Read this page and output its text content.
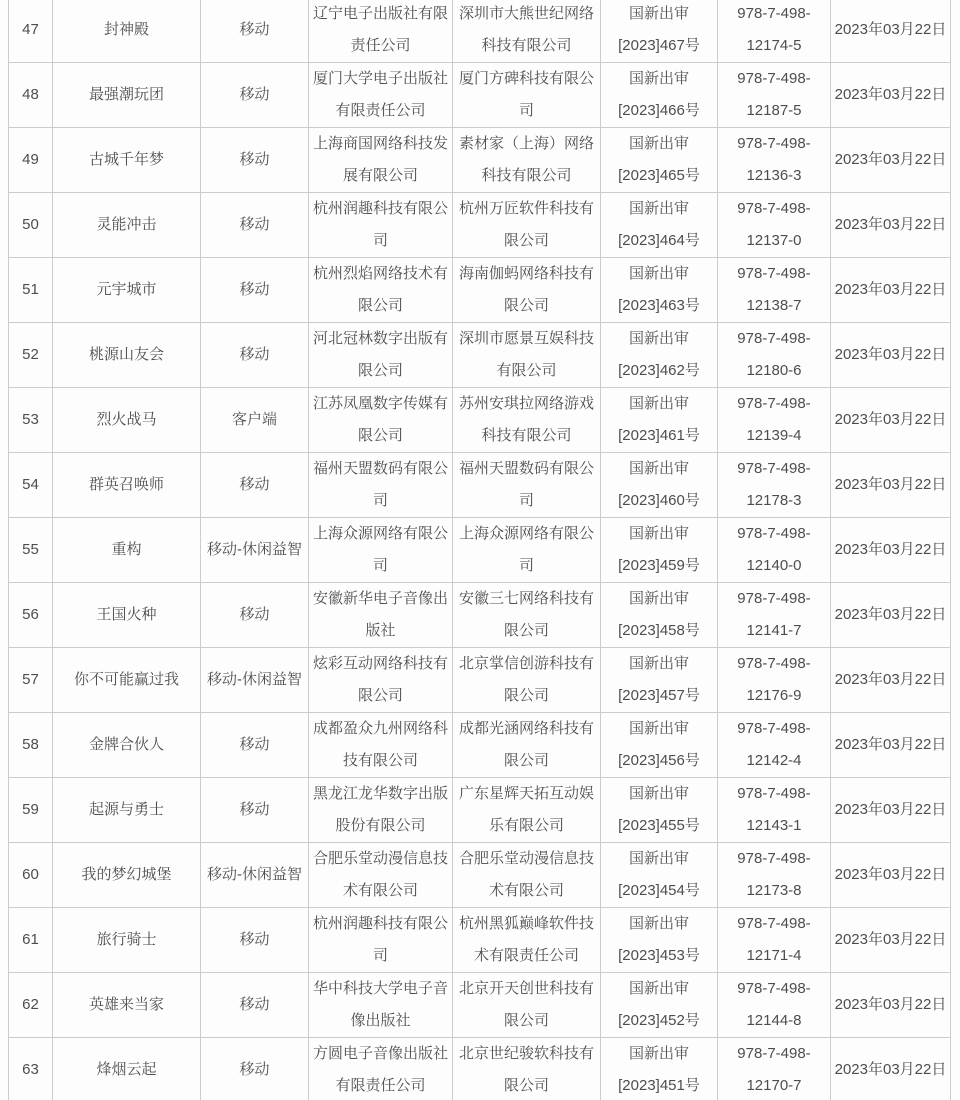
47	封神殿	移动	辽宁电子出版社有限责任公司	深圳市大熊世纪网络科技有限公司	国新出审[2023]467号	978-7-498-12174-5	2023年03月22日
48	最强潮玩团	移动	厦门大学电子出版社有限责任公司	厦门方碑科技有限公司	国新出审[2023]466号	978-7-498-12187-5	2023年03月22日
49	古城千年梦	移动	上海商国网络科技发展有限公司	素材家（上海）网络科技有限公司	国新出审[2023]465号	978-7-498-12136-3	2023年03月22日
50	灵能冲击	移动	杭州润趣科技有限公司	杭州万匠软件科技有限公司	国新出审[2023]464号	978-7-498-12137-0	2023年03月22日
51	元宇城市	移动	杭州烈焰网络技术有限公司	海南伽蚂网络科技有限公司	国新出审[2023]463号	978-7-498-12138-7	2023年03月22日
52	桃源山友会	移动	河北冠林数字出版有限公司	深圳市愿景互娱科技有限公司	国新出审[2023]462号	978-7-498-12180-6	2023年03月22日
53	烈火战马	客户端	江苏凤凰数字传媒有限公司	苏州安琪拉网络游戏科技有限公司	国新出审[2023]461号	978-7-498-12139-4	2023年03月22日
54	群英召唤师	移动	福州天盟数码有限公司	福州天盟数码有限公司	国新出审[2023]460号	978-7-498-12178-3	2023年03月22日
55	重构	移动-休闲益智	上海众源网络有限公司	上海众源网络有限公司	国新出审[2023]459号	978-7-498-12140-0	2023年03月22日
56	王国火种	移动	安徽新华电子音像出版社	安徽三七网络科技有限公司	国新出审[2023]458号	978-7-498-12141-7	2023年03月22日
57	你不可能赢过我	移动-休闲益智	炫彩互动网络科技有限公司	北京掌信创游科技有限公司	国新出审[2023]457号	978-7-498-12176-9	2023年03月22日
58	金牌合伙人	移动	成都盈众九州网络科技有限公司	成都光涵网络科技有限公司	国新出审[2023]456号	978-7-498-12142-4	2023年03月22日
59	起源与勇士	移动	黑龙江龙华数字出版股份有限公司	广东星辉天拓互动娱乐有限公司	国新出审[2023]455号	978-7-498-12143-1	2023年03月22日
60	我的梦幻城堡	移动-休闲益智	合肥乐堂动漫信息技术有限公司	合肥乐堂动漫信息技术有限公司	国新出审[2023]454号	978-7-498-12173-8	2023年03月22日
61	旅行骑士	移动	杭州润趣科技有限公司	杭州黑狐巅峰软件技术有限责任公司	国新出审[2023]453号	978-7-498-12171-4	2023年03月22日
62	英雄来当家	移动	华中科技大学电子音像出版社	北京开天创世科技有限公司	国新出审[2023]452号	978-7-498-12144-8	2023年03月22日
63	烽烟云起	移动	方圆电子音像出版社有限责任公司	北京世纪骏软科技有限公司	国新出审[2023]451号	978-7-498-12170-7	2023年03月22日
